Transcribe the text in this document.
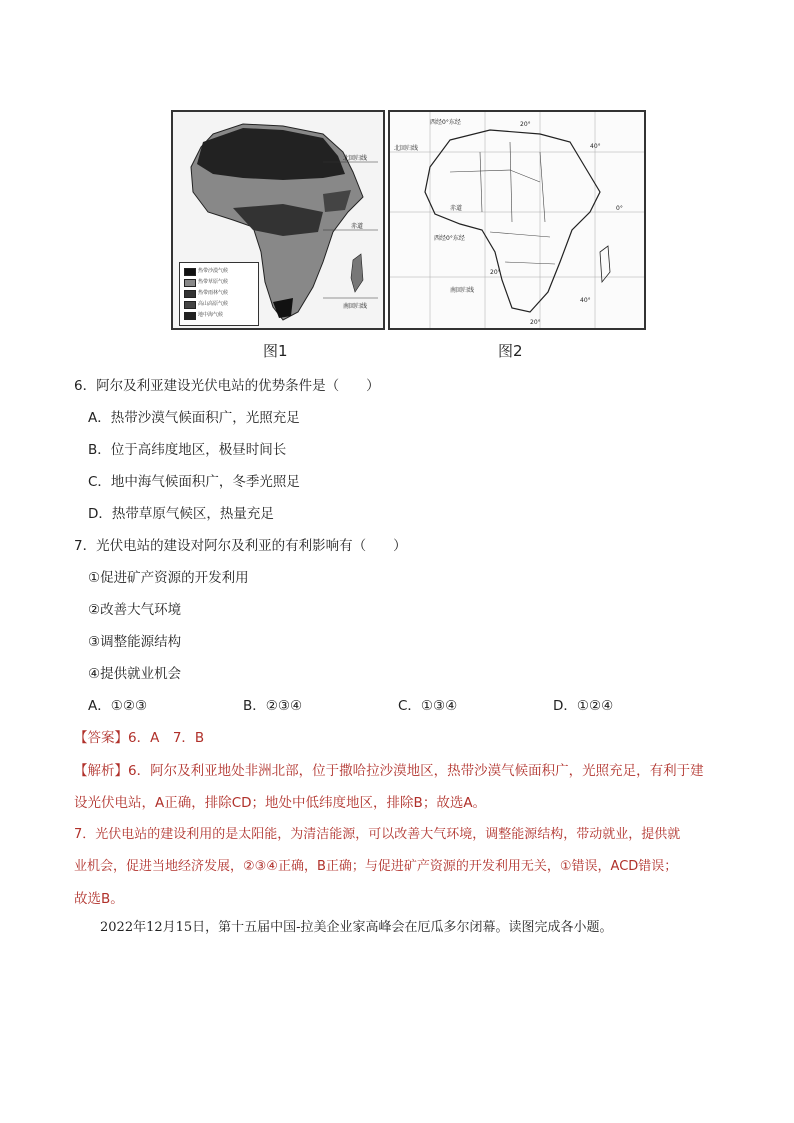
北回归线
赤道
南回归线
热带沙漠气候
热带草原气候
热带雨林气候
高山高原气候
地中海气候
西经0°东经
北回归线
赤道
西经0°东经
南回归线
20°
40°
0°
20°
40°
20°
图1	图2
6．阿尔及利亚建设光伏电站的优势条件是（　　）
A．热带沙漠气候面积广，光照充足
B．位于高纬度地区，极昼时间长
C．地中海气候面积广，冬季光照足
D．热带草原气候区，热量充足
7．光伏电站的建设对阿尔及利亚的有利影响有（　　）
①促进矿产资源的开发利用
②改善大气环境
③调整能源结构
④提供就业机会
A．①②③	B．②③④	C．①③④	D．①②④
【答案】6．A　7．B
【解析】6．阿尔及利亚地处非洲北部，位于撒哈拉沙漠地区，热带沙漠气候面积广，光照充足，有利于建
设光伏电站，A正确，排除CD；地处中低纬度地区，排除B；故选A。
7．光伏电站的建设利用的是太阳能，为清洁能源，可以改善大气环境，调整能源结构，带动就业，提供就
业机会，促进当地经济发展，②③④正确，B正确；与促进矿产资源的开发利用无关，①错误，ACD错误；
故选B。
2022年12月15日，第十五届中国-拉美企业家高峰会在厄瓜多尔闭幕。读图完成各小题。
